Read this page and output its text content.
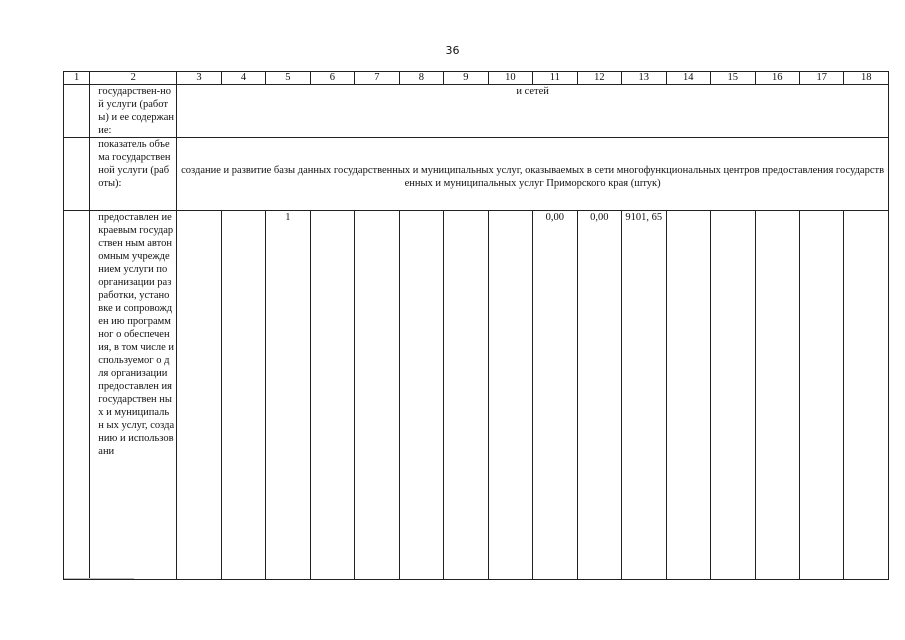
36
1	2	3	4	5	6	7	8	9	10	11	12	13	14	15	16	17	18
	государствен-ной услуги (работы) и ее содержание:	и сетей															
	показатель объема государствен ной услуги (работы):	создание и развитие базы данных государственных и муниципальных услуг, оказываемых в сети многофункциональных центров предоставления государственных и муниципальных услуг Приморского края (штук)															
	предоставлен ие краевым государствен ным автономным учреждением услуги по организации разработки, установке и сопровожден ию программног о обеспечения, в том числе используемог о для организации предоставлен ия государствен ных и муниципальн ых услуг, созданию и использовани			1						0,00	0,00	9101, 65					
